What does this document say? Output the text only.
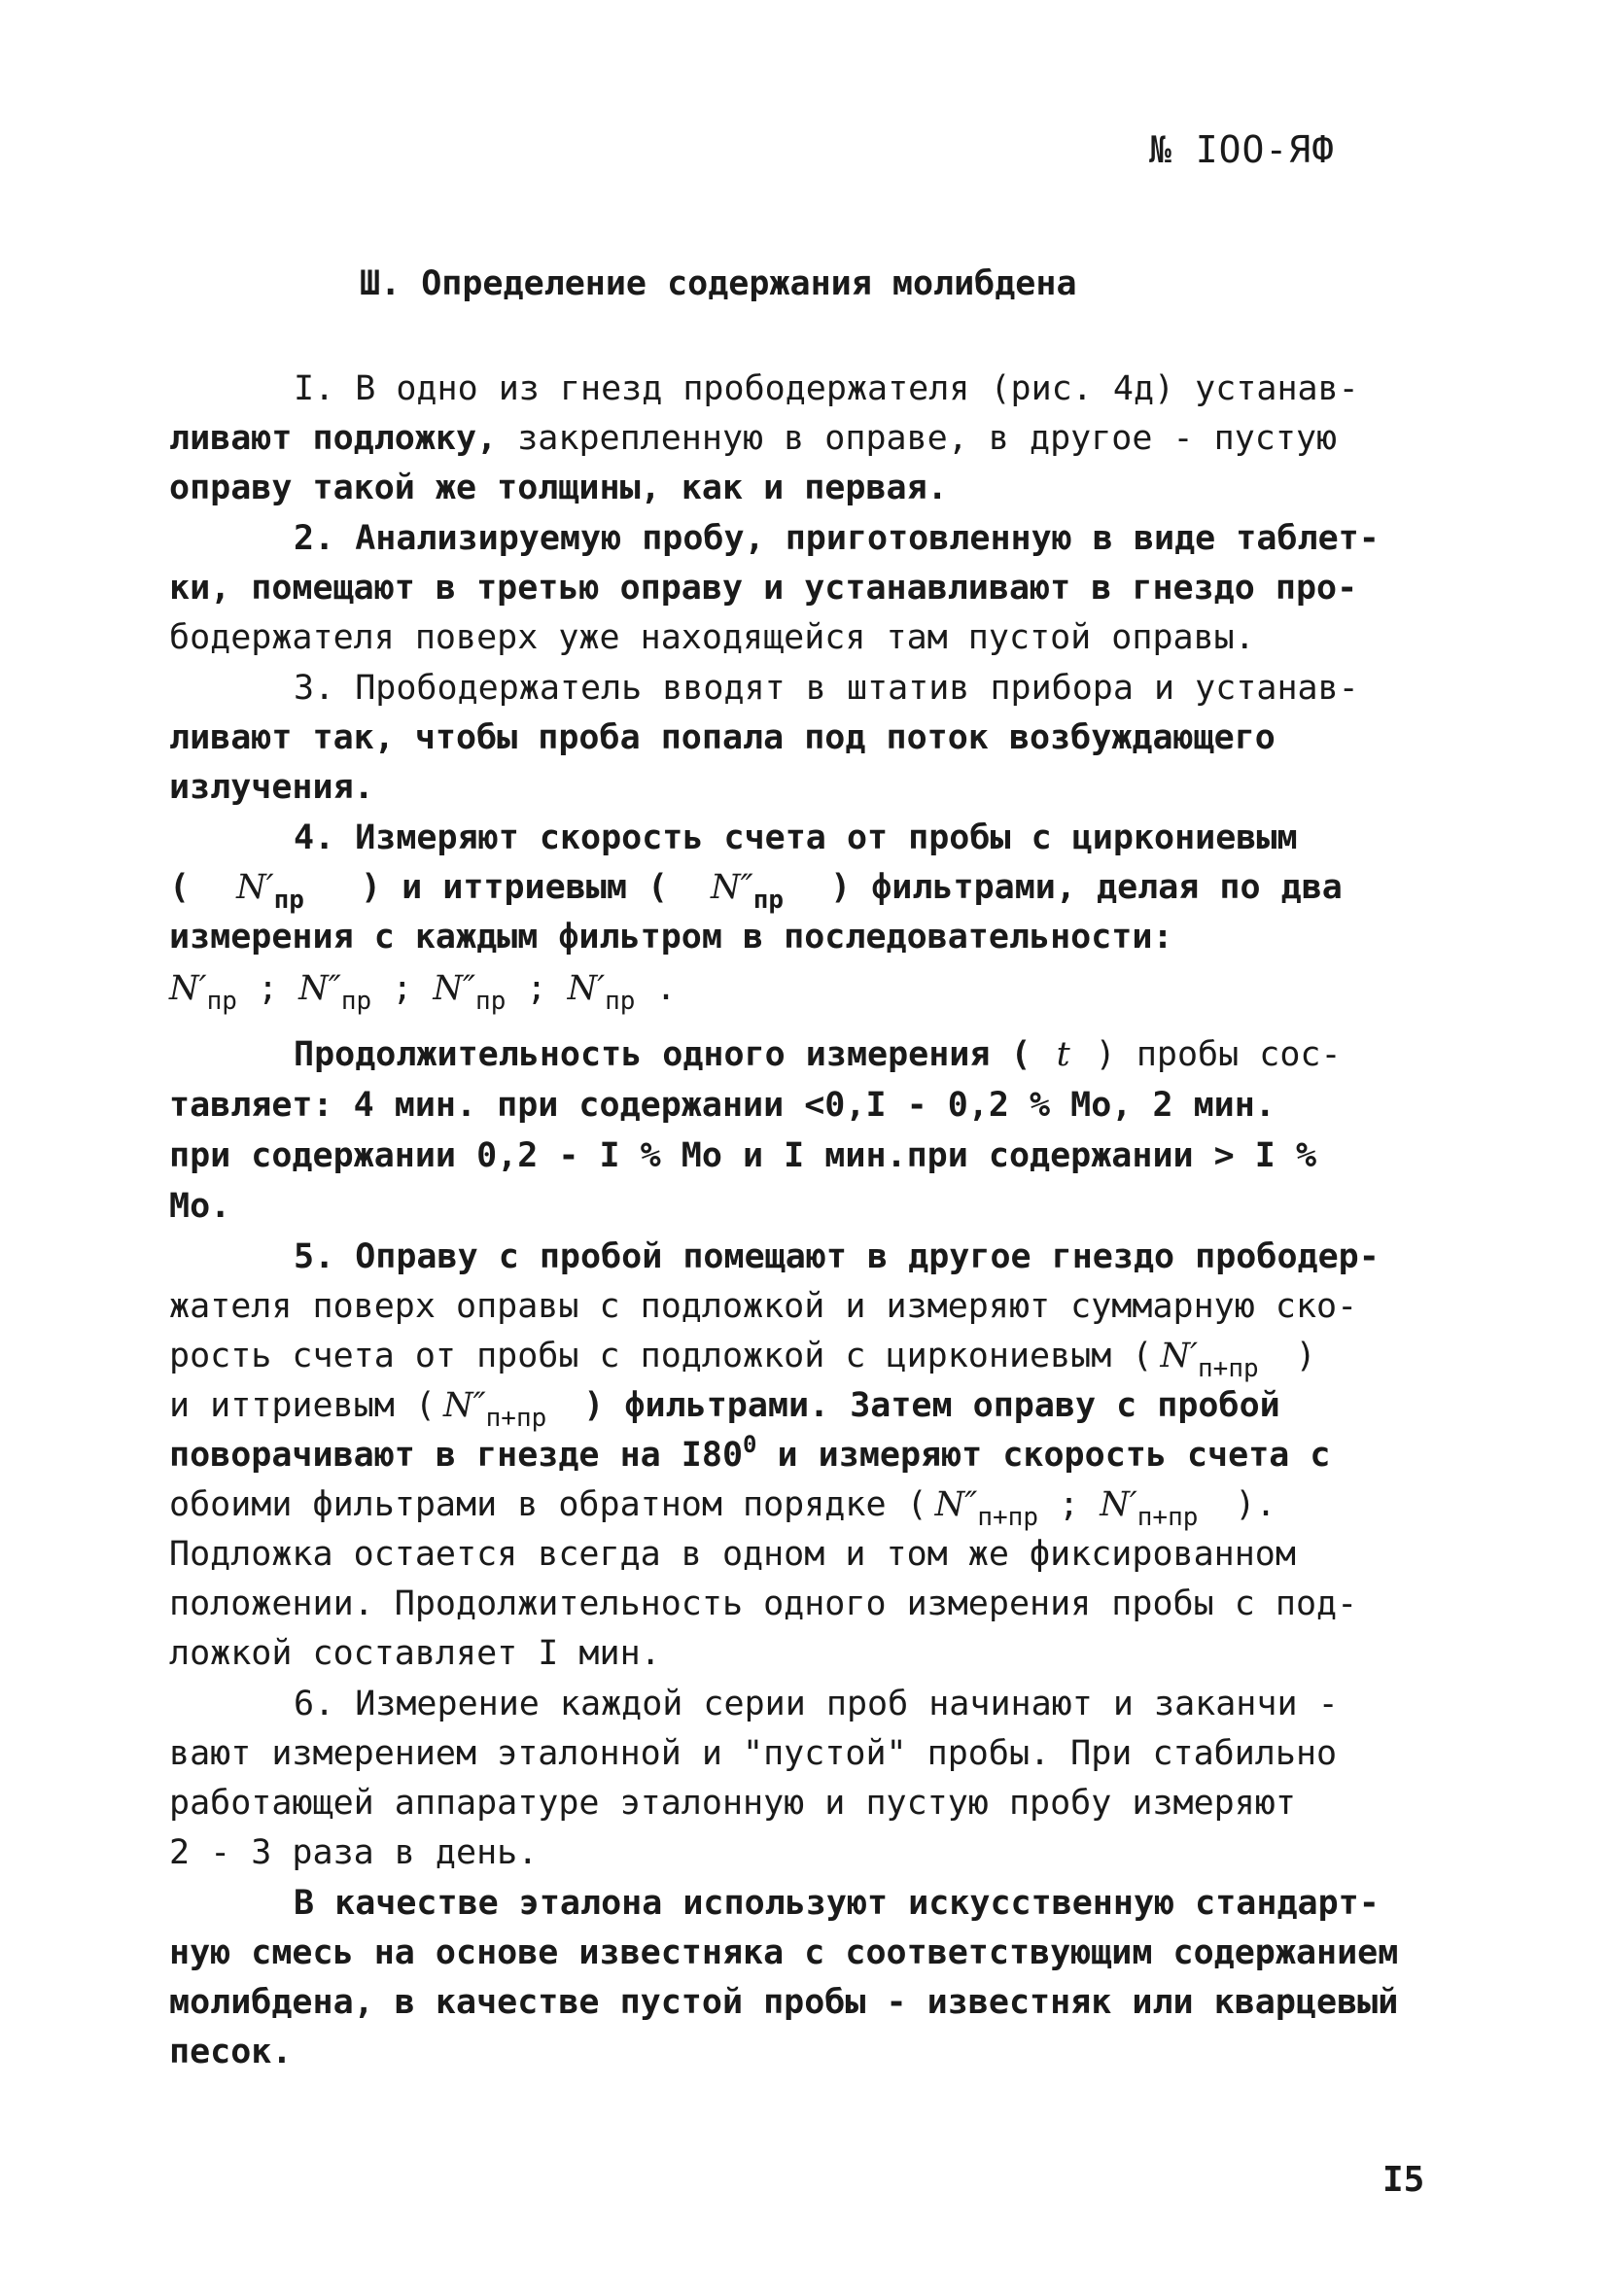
№ IOO-ЯФ
Ш. Определение содержания молибдена
I. В одно из гнезд прободержателя (рис. 4д) устанав-
ливают подложку, закрепленную в оправе, в другое - пустую
оправу такой же толщины, как и первая.
2. Анализируемую пробу, приготовленную в виде таблет-
ки, помещают в третью оправу и устанавливают в гнездо про-
бодержателя поверх уже находящейся там пустой оправы.
3. Прободержатель вводят в штатив прибора и устанав-
ливают так, чтобы проба попала под поток возбуждающего
излучения.
4. Измеряют скорость счета от пробы с циркониевым
( $N'_{пр}$ ) и иттриевым ( $N''_{пр}$ ) фильтрами, делая по два
измерения с каждым фильтром в последовательности:
$N'_{пр}$ ; $N''_{пр}$ ; $N''_{пр}$ ; $N'_{пр}$ .
Продолжительность одного измерения ( t ) пробы сос-
тавляет: 4 мин. при содержании <0,I - 0,2 % Mo, 2 мин.
при содержании 0,2 - I % Mo и I мин.при содержании > I %
Mo.
5. Оправу с пробой помещают в другое гнездо прободер-
жателя поверх оправы с подложкой и измеряют суммарную ско-
рость счета от пробы с подложкой с циркониевым ( $N'_{п+пр}$ )
и иттриевым ( $N''_{п+пр}$ ) фильтрами. Затем оправу с пробой
поворачивают в гнезде на $I80^0$ и измеряют скорость счета с
обоими фильтрами в обратном порядке ( $N''_{п+пр}$ ; $N'_{п+пр}$ ).
Подложка остается всегда в одном и том же фиксированном
положении. Продолжительность одного измерения пробы с под-
ложкой составляет I мин.
6. Измерение каждой серии проб начинают и заканчи -
вают измерением эталонной и "пустой" пробы. При стабильно
работающей аппаратуре эталонную и пустую пробу измеряют
2 - 3 раза в день.
В качестве эталона используют искусственную стандарт-
ную смесь на основе известняка с соответствующим содержанием
молибдена, в качестве пустой пробы - известняк или кварцевый
песок.
I5
